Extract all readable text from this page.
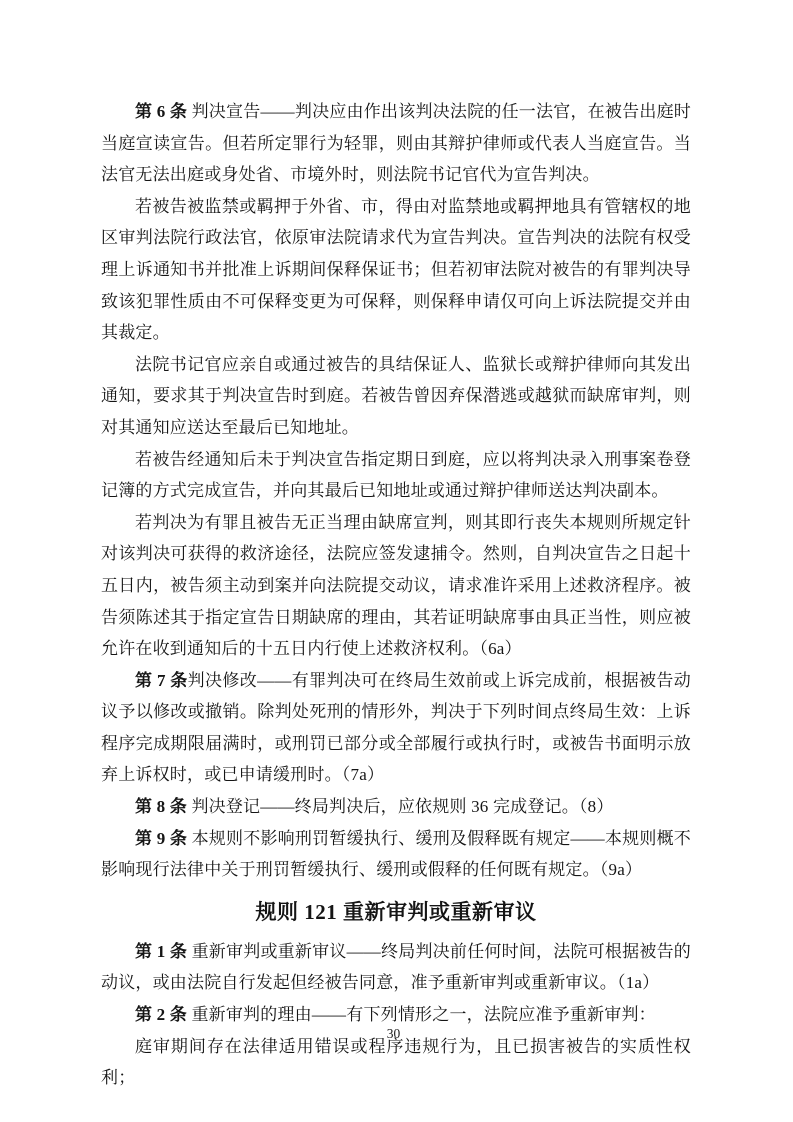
第 6 条 判决宣告——判决应由作出该判决法院的任一法官，在被告出庭时当庭宣读宣告。但若所定罪行为轻罪，则由其辩护律师或代表人当庭宣告。当法官无法出庭或身处省、市境外时，则法院书记官代为宣告判决。

若被告被监禁或羁押于外省、市，得由对监禁地或羁押地具有管辖权的地区审判法院行政法官，依原审法院请求代为宣告判决。宣告判决的法院有权受理上诉通知书并批准上诉期间保释保证书；但若初审法院对被告的有罪判决导致该犯罪性质由不可保释变更为可保释，则保释申请仅可向上诉法院提交并由其裁定。

法院书记官应亲自或通过被告的具结保证人、监狱长或辩护律师向其发出通知，要求其于判决宣告时到庭。若被告曾因弃保潜逃或越狱而缺席审判，则对其通知应送达至最后已知地址。

若被告经通知后未于判决宣告指定期日到庭，应以将判决录入刑事案卷登记簿的方式完成宣告，并向其最后已知地址或通过辩护律师送达判决副本。

若判决为有罪且被告无正当理由缺席宣判，则其即行丧失本规则所规定针对该判决可获得的救济途径，法院应签发逮捕令。然则，自判决宣告之日起十五日内，被告须主动到案并向法院提交动议，请求准许采用上述救济程序。被告须陈述其于指定宣告日期缺席的理由，其若证明缺席事由具正当性，则应被允许在收到通知后的十五日内行使上述救济权利。（6a）

第 7 条判决修改——有罪判决可在终局生效前或上诉完成前，根据被告动议予以修改或撤销。除判处死刑的情形外，判决于下列时间点终局生效：上诉程序完成期限届满时，或刑罚已部分或全部履行或执行时，或被告书面明示放弃上诉权时，或已申请缓刑时。（7a）

第 8 条 判决登记——终局判决后，应依规则 36 完成登记。（8）

第 9 条 本规则不影响刑罚暂缓执行、缓刑及假释既有规定——本规则概不影响现行法律中关于刑罚暂缓执行、缓刑或假释的任何既有规定。（9a）

规则 121 重新审判或重新审议

第 1 条 重新审判或重新审议——终局判决前任何时间，法院可根据被告的动议，或由法院自行发起但经被告同意，准予重新审判或重新审议。（1a）

第 2 条 重新审判的理由——有下列情形之一，法院应准予重新审判：

庭审期间存在法律适用错误或程序违规行为，且已损害被告的实质性权利；

30
